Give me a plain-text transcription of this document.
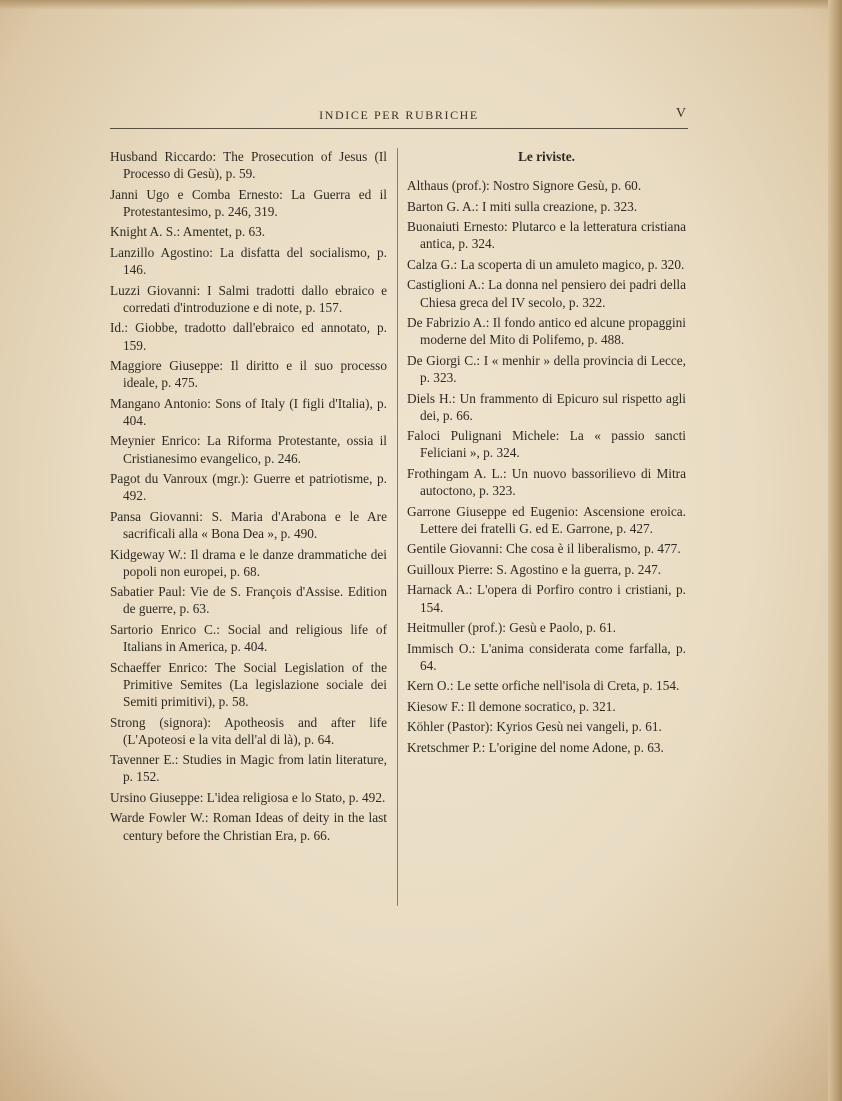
INDICE PER RUBRICHE	V

Husband Riccardo: The Prosecution of Jesus (Il Processo di Gesù), p. 59.

Janni Ugo e Comba Ernesto: La Guerra ed il Protestantesimo, p. 246, 319.

Knight A. S.: Amentet, p. 63.

Lanzillo Agostino: La disfatta del socialismo, p. 146.

Luzzi Giovanni: I Salmi tradotti dallo ebraico e corredati d'introduzione e di note, p. 157.

Id.: Giobbe, tradotto dall'ebraico ed annotato, p. 159.

Maggiore Giuseppe: Il diritto e il suo processo ideale, p. 475.

Mangano Antonio: Sons of Italy (I figli d'Italia), p. 404.

Meynier Enrico: La Riforma Protestante, ossia il Cristianesimo evangelico, p. 246.

Pagot du Vanroux (mgr.): Guerre et patriotisme, p. 492.

Pansa Giovanni: S. Maria d'Arabona e le Are sacrificali alla « Bona Dea », p. 490.

Kidgeway W.: Il drama e le danze drammatiche dei popoli non europei, p. 68.

Sabatier Paul: Vie de S. François d'Assise. Edition de guerre, p. 63.

Sartorio Enrico C.: Social and religious life of Italians in America, p. 404.

Schaeffer Enrico: The Social Legislation of the Primitive Semites (La legislazione sociale dei Semiti primitivi), p. 58.

Strong (signora): Apotheosis and after life (L'Apoteosi e la vita dell'al di là), p. 64.

Tavenner E.: Studies in Magic from latin literature, p. 152.

Ursino Giuseppe: L'idea religiosa e lo Stato, p. 492.

Warde Fowler W.: Roman Ideas of deity in the last century before the Christian Era, p. 66.

Le riviste.

Althaus (prof.): Nostro Signore Gesù, p. 60.

Barton G. A.: I miti sulla creazione, p. 323.

Buonaiuti Ernesto: Plutarco e la letteratura cristiana antica, p. 324.

Calza G.: La scoperta di un amuleto magico, p. 320.

Castiglioni A.: La donna nel pensiero dei padri della Chiesa greca del IV secolo, p. 322.

De Fabrizio A.: Il fondo antico ed alcune propaggini moderne del Mito di Polifemo, p. 488.

De Giorgi C.: I « menhir » della provincia di Lecce, p. 323.

Diels H.: Un frammento di Epicuro sul rispetto agli dei, p. 66.

Faloci Pulignani Michele: La « passio sancti Feliciani », p. 324.

Frothingam A. L.: Un nuovo bassorilievo di Mitra autoctono, p. 323.

Garrone Giuseppe ed Eugenio: Ascensione eroica. Lettere dei fratelli G. ed E. Garrone, p. 427.

Gentile Giovanni: Che cosa è il liberalismo, p. 477.

Guilloux Pierre: S. Agostino e la guerra, p. 247.

Harnack A.: L'opera di Porfiro contro i cristiani, p. 154.

Heitmuller (prof.): Gesù e Paolo, p. 61.

Immisch O.: L'anima considerata come farfalla, p. 64.

Kern O.: Le sette orfiche nell'isola di Creta, p. 154.

Kiesow F.: Il demone socratico, p. 321.

Köhler (Pastor): Kyrios Gesù nei vangeli, p. 61.

Kretschmer P.: L'origine del nome Adone, p. 63.
